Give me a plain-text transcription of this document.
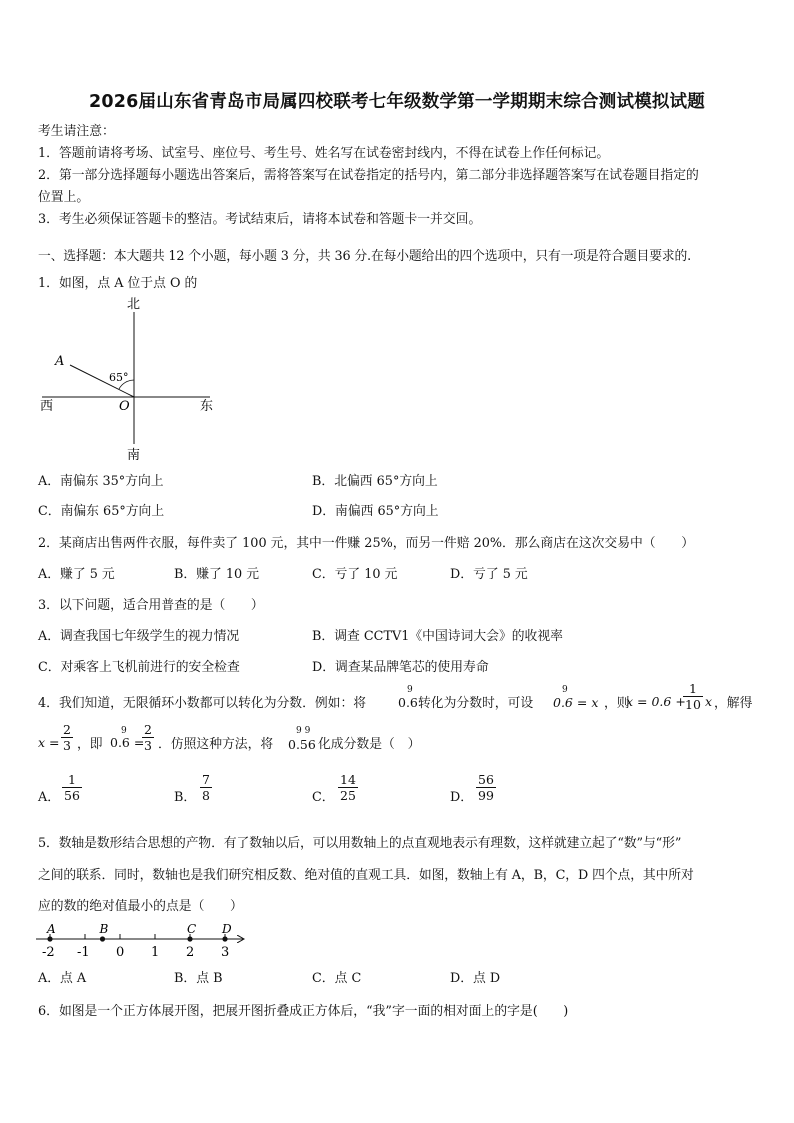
2026届山东省青岛市局属四校联考七年级数学第一学期期末综合测试模拟试题
考生请注意：
1．答题前请将考场、试室号、座位号、考生号、姓名写在试卷密封线内，不得在试卷上作任何标记。
2．第一部分选择题每小题选出答案后，需将答案写在试卷指定的括号内，第二部分非选择题答案写在试卷题目指定的
位置上。
3．考生必须保证答题卡的整洁。考试结束后，请将本试卷和答题卡一并交回。
一、选择题：本大题共 12 个小题，每小题 3 分，共 36 分.在每小题给出的四个选项中，只有一项是符合题目要求的.
1．如图，点 A 位于点 O 的
北
南
西	东
O
A
65°
A．南偏东 35°方向上	B．北偏西 65°方向上
C．南偏东 65°方向上	D．南偏西 65°方向上
2．某商店出售两件衣服，每件卖了 100 元，其中一件赚 25%，而另一件赔 20%．那么商店在这次交易中（　　）
A．赚了 5 元	B．赚了 10 元	C．亏了 10 元	D．亏了 5 元
3．以下问题，适合用普查的是（　　）
A．调查我国七年级学生的视力情况	B．调查 CCTV1《中国诗词大会》的收视率
C．对乘客上飞机前进行的安全检查	D．调查某品牌笔芯的使用寿命
4．我们知道，无限循环小数都可以转化为分数．例如：将
9
0.6 转化为分数时，可设
9
0.6 = x ，则
x = 0.6 +
$\frac{1}{10}$ x ，解得
$x = \frac{2}{3}$ ，即
9
0.6 =
$\frac{2}{3}$ ．仿照这种方法，将
9 9
0.56 化成分数是（　）
A． $\frac{1}{56}$	B． $\frac{7}{8}$	C． $\frac{14}{25}$	D． $\frac{56}{99}$
5．数轴是数形结合思想的产物．有了数轴以后，可以用数轴上的点直观地表示有理数，这样就建立起了“数”与“形”
之间的联系．同时，数轴也是我们研究相反数、绝对值的直观工具．如图，数轴上有 A，B，C，D 四个点，其中所对
应的数的绝对值最小的点是（　　）
-2 -1 0 1 2 3
A	B	C D
A．点 A	B．点 B	C．点 C	D．点 D
6．如图是一个正方体展开图，把展开图折叠成正方体后，“我”字一面的相对面上的字是(　　)
